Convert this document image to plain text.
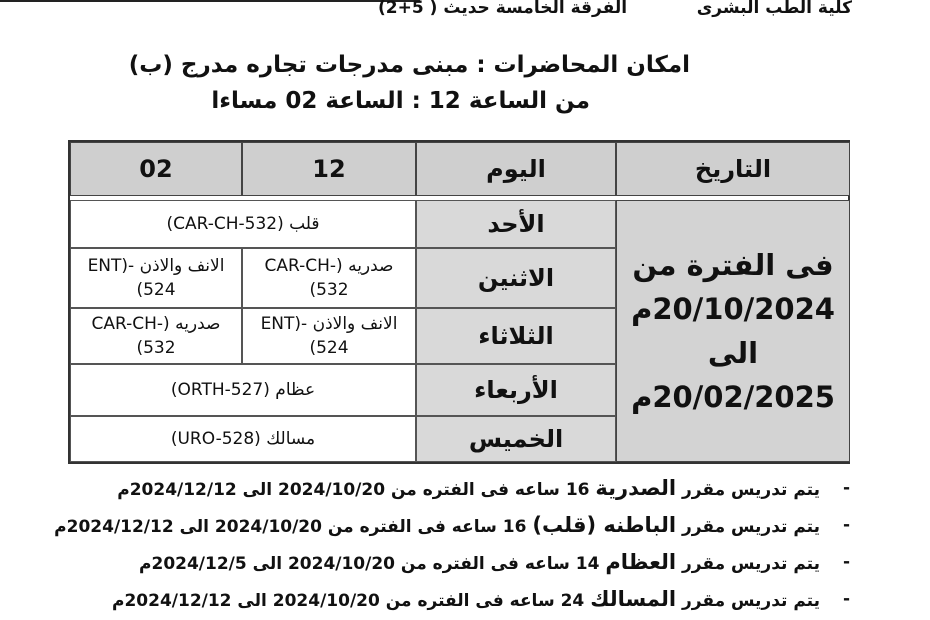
كلية الطب البشرى
الفرقة الخامسة حديث ( 5+2)
امكان المحاضرات : مبنى مدرجات تجاره مدرج (ب)
من الساعة 12 : الساعة 02 مساءا
التاريخ
اليوم
12
02
فى الفترة من
20/10/2024م
الى
20/02/2025م
الأحد
قلب (CAR-CH-532)
الاثنين
صدريه (-CAR-CH 532)
الانف والاذن -ENT) 524)
الثلاثاء
الانف والاذن -ENT) 524)
صدريه (-CAR-CH 532)
الأربعاء
عظام (ORTH-527)
الخميس
مسالك (URO-528)
-
يتم تدريس مقرر الصدرية 16 ساعه فى الفتره من 2024/10/20 الى 2024/12/12م
-
يتم تدريس مقرر الباطنه (قلب) 16 ساعه فى الفتره من 2024/10/20 الى 2024/12/12م
-
يتم تدريس مقرر العظام 14 ساعه فى الفتره من 2024/10/20 الى 2024/12/5م
-
يتم تدريس مقرر المسالك 24 ساعه فى الفتره من 2024/10/20 الى 2024/12/12م
